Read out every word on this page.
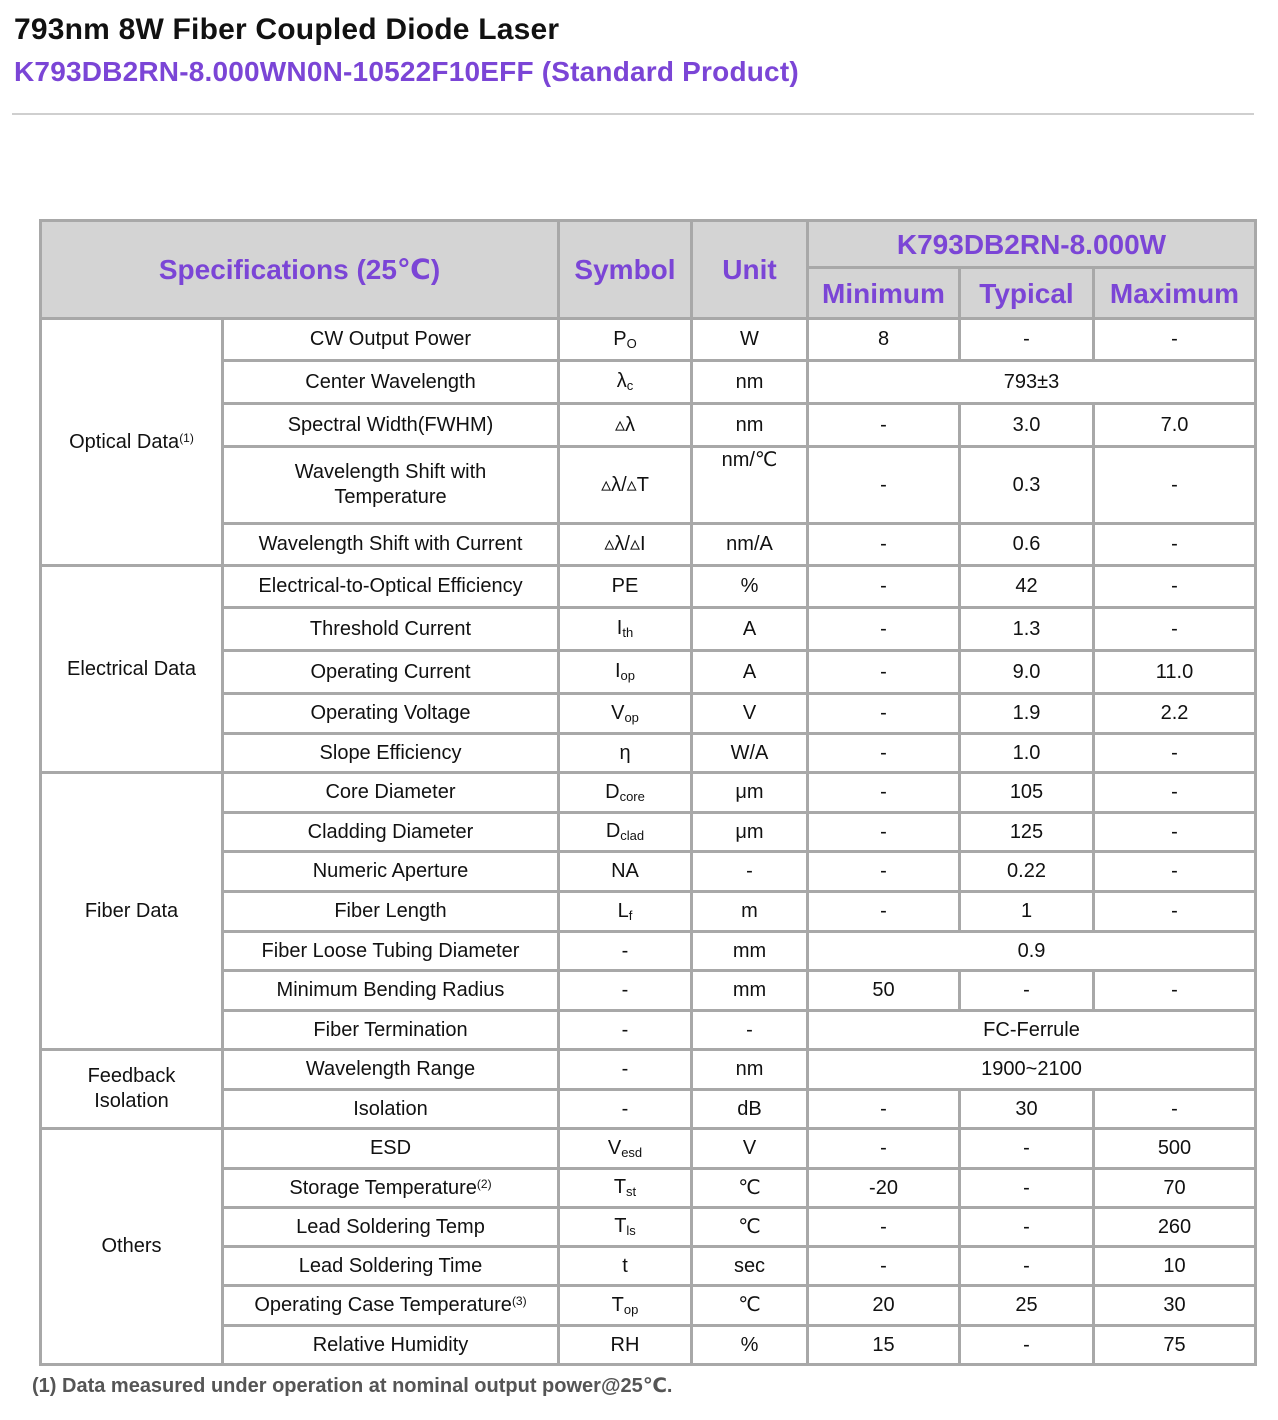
793nm 8W Fiber Coupled Diode Laser
K793DB2RN-8.000WN0N-10522F10EFF (Standard Product)
Specifications (25℃)		Symbol	Unit	K793DB2RN-8.000W		
				Minimum	Typical	Maximum
Optical Data$^{(1)}$	CW Output Power	$P_O$	W	8	-	-
	Center Wavelength	$\lambda_c$	nm	793±3		
	Spectral Width(FWHM)	▵λ	nm	-	3.0	7.0
	Wavelength Shift with Temperature	▵λ/▵T	nm/℃	-	0.3	-
	Wavelength Shift with Current	▵λ/▵I	nm/A	-	0.6	-
Electrical Data	Electrical-to-Optical Efficiency	PE	%	-	42	-
	Threshold Current	$I_{th}$	A	-	1.3	-
	Operating Current	$I_{op}$	A	-	9.0	11.0
	Operating Voltage	$V_{op}$	V	-	1.9	2.2
	Slope Efficiency	η	W/A	-	1.0	-
Fiber Data	Core Diameter	$D_{core}$	μm	-	105	-
	Cladding Diameter	$D_{clad}$	μm	-	125	-
	Numeric Aperture	NA	-	-	0.22	-
	Fiber Length	$L_f$	m	-	1	-
	Fiber Loose Tubing Diameter	-	mm	0.9		
	Minimum Bending Radius	-	mm	50	-	-
	Fiber Termination	-	-	FC-Ferrule		
Feedback
Isolation	Wavelength Range	-	nm	1900~2100		
	Isolation	-	dB	-	30	-
Others	ESD	$V_{esd}$	V	-	-	500
	Storage Temperature$^{(2)}$	$T_{st}$	℃	-20	-	70
	Lead Soldering Temp	$T_{ls}$	℃	-	-	260
	Lead Soldering Time	t	sec	-	-	10
	Operating Case Temperature$^{(3)}$	$T_{op}$	℃	20	25	30
	Relative Humidity	RH	%	15	-	75
(1) Data measured under operation at nominal output power@25℃.
